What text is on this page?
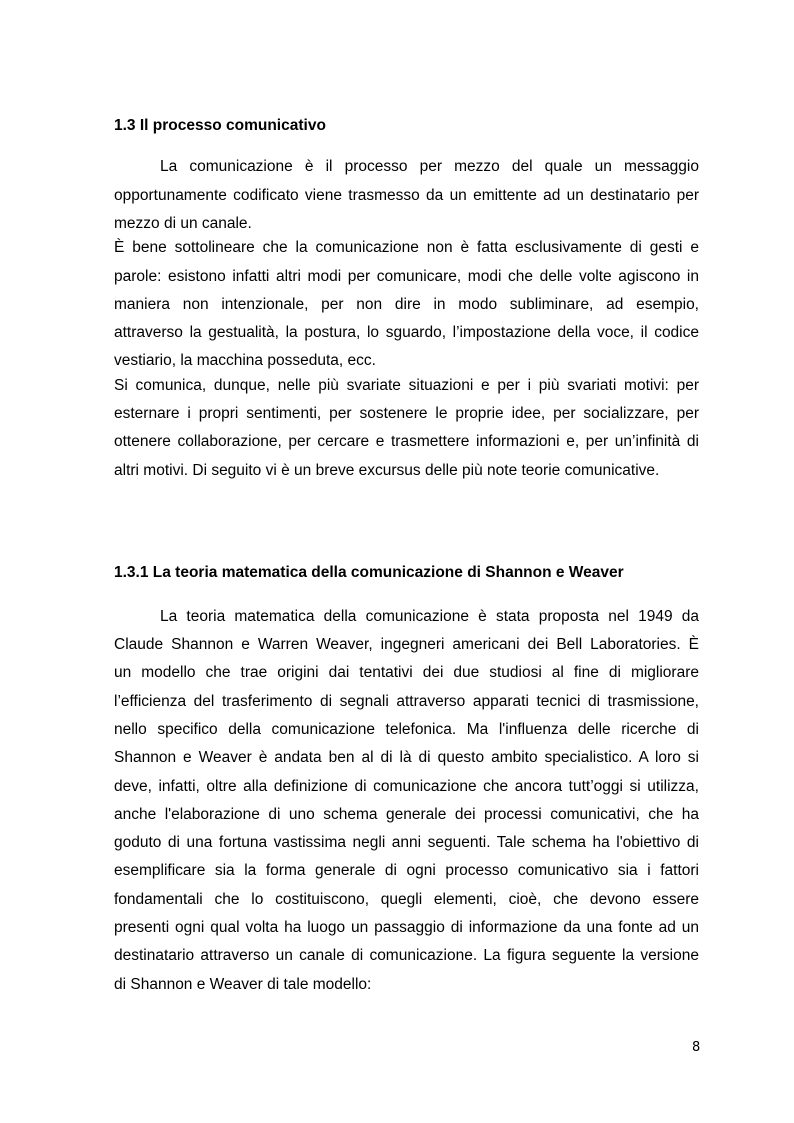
1.3 Il processo comunicativo
La comunicazione è il processo per mezzo del quale un messaggio
opportunamente codificato viene trasmesso da un emittente ad un destinatario per
mezzo di un canale.
È bene sottolineare che la comunicazione non è fatta esclusivamente di gesti e
parole: esistono infatti altri modi per comunicare, modi che delle volte agiscono in
maniera non intenzionale, per non dire in modo subliminare, ad esempio,
attraverso la gestualità, la postura, lo sguardo, l’impostazione della voce, il codice
vestiario, la macchina posseduta, ecc.
Si comunica, dunque, nelle più svariate situazioni e per i più svariati motivi: per
esternare i propri sentimenti, per sostenere le proprie idee, per socializzare, per
ottenere collaborazione, per cercare e trasmettere informazioni e, per un’infinità di
altri motivi. Di seguito vi è un breve excursus delle più note teorie comunicative.
1.3.1 La teoria matematica della comunicazione di Shannon e Weaver
La teoria matematica della comunicazione è stata proposta nel 1949 da
Claude Shannon e Warren Weaver, ingegneri americani dei Bell Laboratories. È
un modello che trae origini dai tentativi dei due studiosi al fine di migliorare
l’efficienza del trasferimento di segnali attraverso apparati tecnici di trasmissione,
nello specifico della comunicazione telefonica. Ma l'influenza delle ricerche di
Shannon e Weaver è andata ben al di là di questo ambito specialistico. A loro si
deve, infatti, oltre alla definizione di comunicazione che ancora tutt’oggi si utilizza,
anche l'elaborazione di uno schema generale dei processi comunicativi, che ha
goduto di una fortuna vastissima negli anni seguenti. Tale schema ha l'obiettivo di
esemplificare sia la forma generale di ogni processo comunicativo sia i fattori
fondamentali che lo costituiscono, quegli elementi, cioè, che devono essere
presenti ogni qual volta ha luogo un passaggio di informazione da una fonte ad un
destinatario attraverso un canale di comunicazione. La figura seguente la versione
di Shannon e Weaver di tale modello:
8
